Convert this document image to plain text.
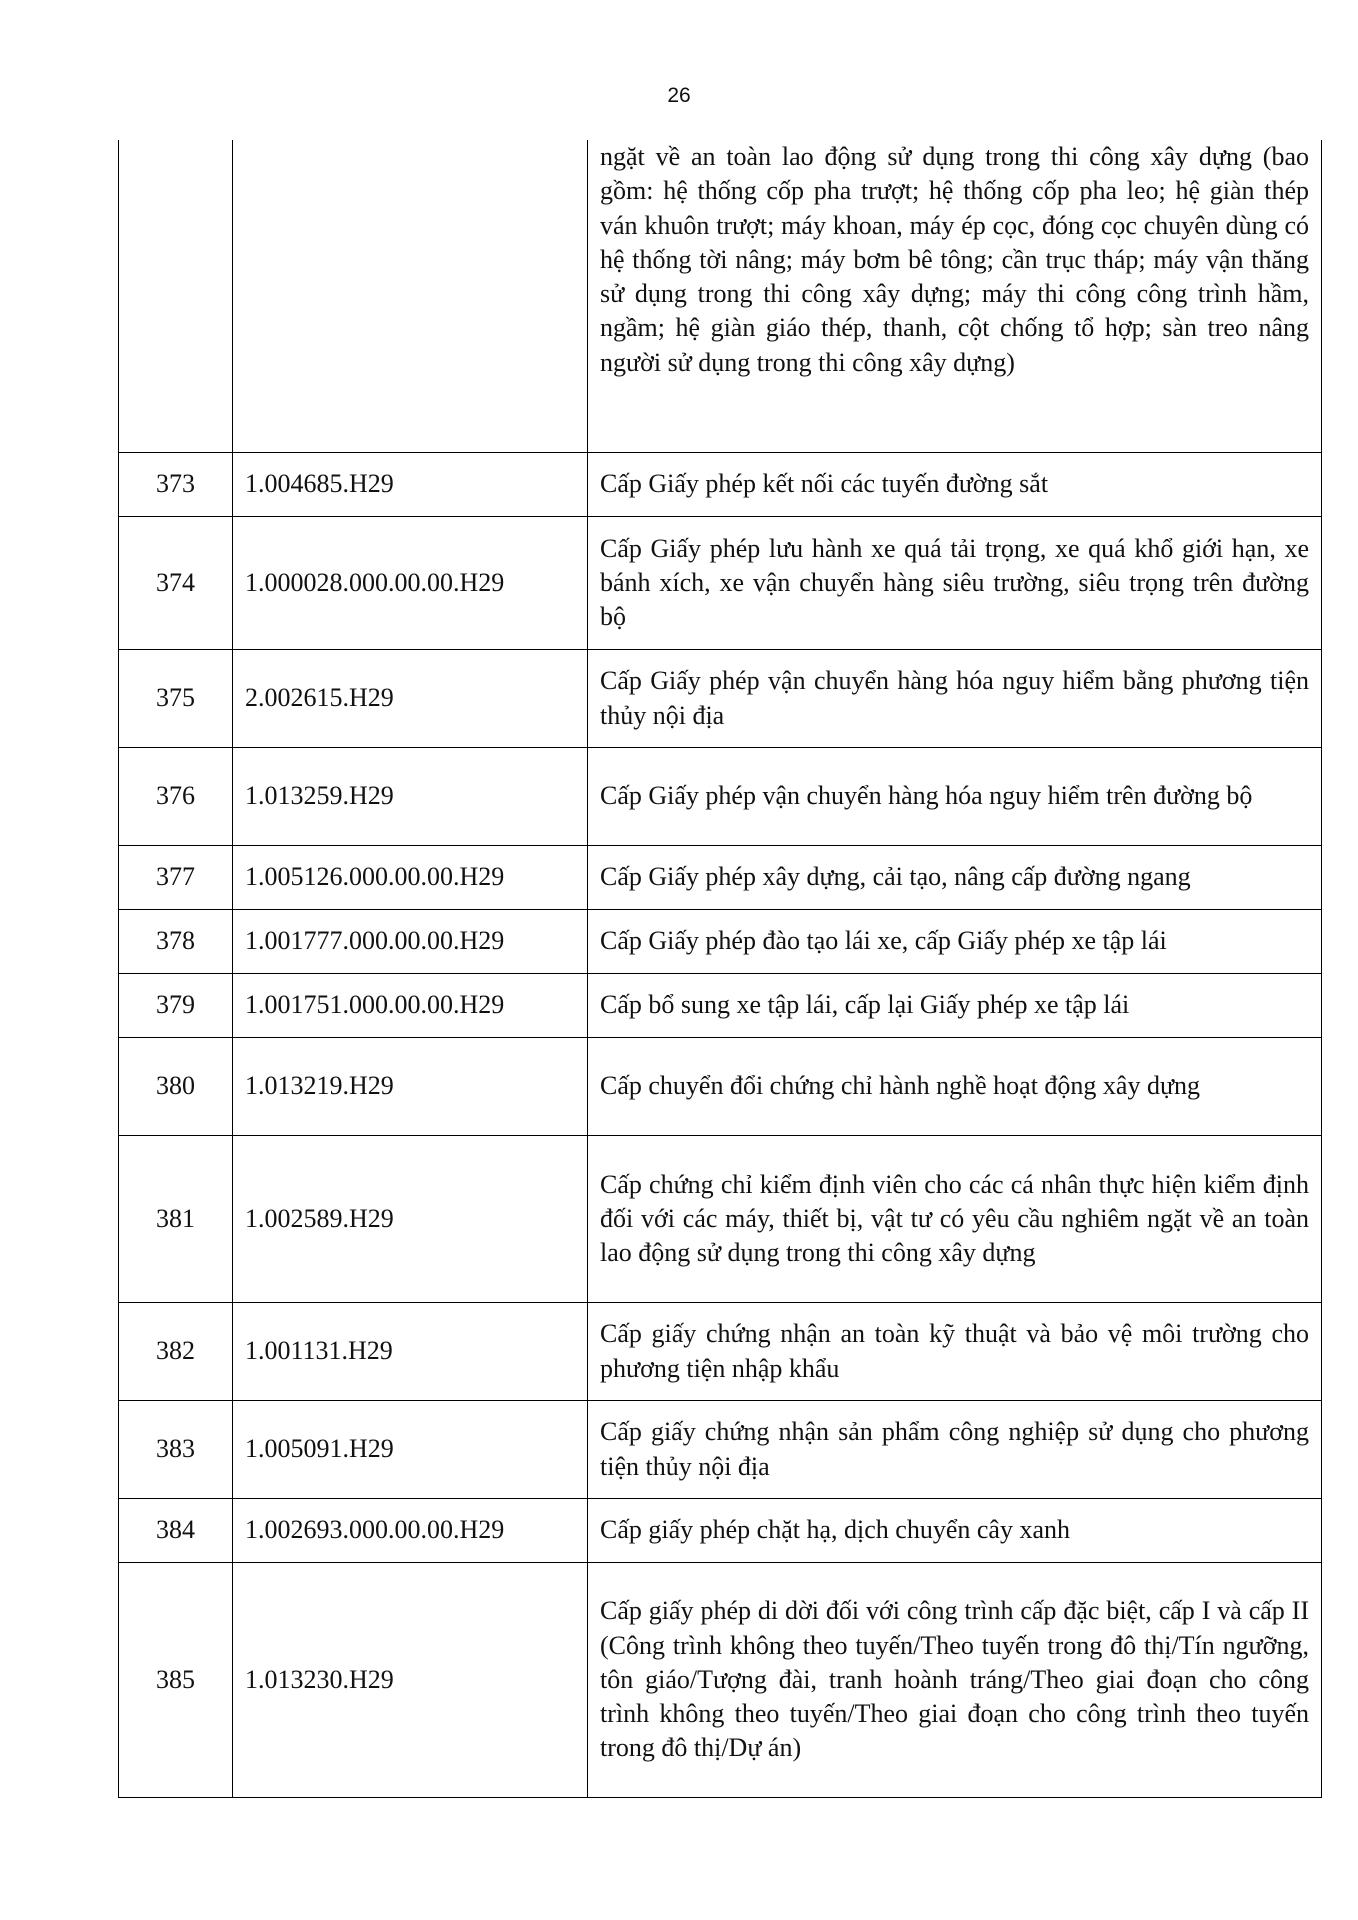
26
		ngặt về an toàn lao động sử dụng trong thi công xây dựng (bao gồm: hệ thống cốp pha trượt; hệ thống cốp pha leo; hệ giàn thép ván khuôn trượt; máy khoan, máy ép cọc, đóng cọc chuyên dùng có hệ thống tời nâng; máy bơm bê tông; cần trục tháp; máy vận thăng sử dụng trong thi công xây dựng; máy thi công công trình hầm, ngầm; hệ giàn giáo thép, thanh, cột chống tổ hợp; sàn treo nâng người sử dụng trong thi công xây dựng)
373	1.004685.H29	Cấp Giấy phép kết nối các tuyến đường sắt
374	1.000028.000.00.00.H29	Cấp Giấy phép lưu hành xe quá tải trọng, xe quá khổ giới hạn, xe bánh xích, xe vận chuyển hàng siêu trường, siêu trọng trên đường bộ
375	2.002615.H29	Cấp Giấy phép vận chuyển hàng hóa nguy hiểm bằng phương tiện thủy nội địa
376	1.013259.H29	Cấp Giấy phép vận chuyển hàng hóa nguy hiểm trên đường bộ
377	1.005126.000.00.00.H29	Cấp Giấy phép xây dựng, cải tạo, nâng cấp đường ngang
378	1.001777.000.00.00.H29	Cấp Giấy phép đào tạo lái xe, cấp Giấy phép xe tập lái
379	1.001751.000.00.00.H29	Cấp bổ sung xe tập lái, cấp lại Giấy phép xe tập lái
380	1.013219.H29	Cấp chuyển đổi chứng chỉ hành nghề hoạt động xây dựng
381	1.002589.H29	Cấp chứng chỉ kiểm định viên cho các cá nhân thực hiện kiểm định đối với các máy, thiết bị, vật tư có yêu cầu nghiêm ngặt về an toàn lao động sử dụng trong thi công xây dựng
382	1.001131.H29	Cấp giấy chứng nhận an toàn kỹ thuật và bảo vệ môi trường cho phương tiện nhập khẩu
383	1.005091.H29	Cấp giấy chứng nhận sản phẩm công nghiệp sử dụng cho phương tiện thủy nội địa
384	1.002693.000.00.00.H29	Cấp giấy phép chặt hạ, dịch chuyển cây xanh
385	1.013230.H29	Cấp giấy phép di dời đối với công trình cấp đặc biệt, cấp I và cấp II (Công trình không theo tuyến/Theo tuyến trong đô thị/Tín ngưỡng, tôn giáo/Tượng đài, tranh hoành tráng/Theo giai đoạn cho công trình không theo tuyến/Theo giai đoạn cho công trình theo tuyến trong đô thị/Dự án)
